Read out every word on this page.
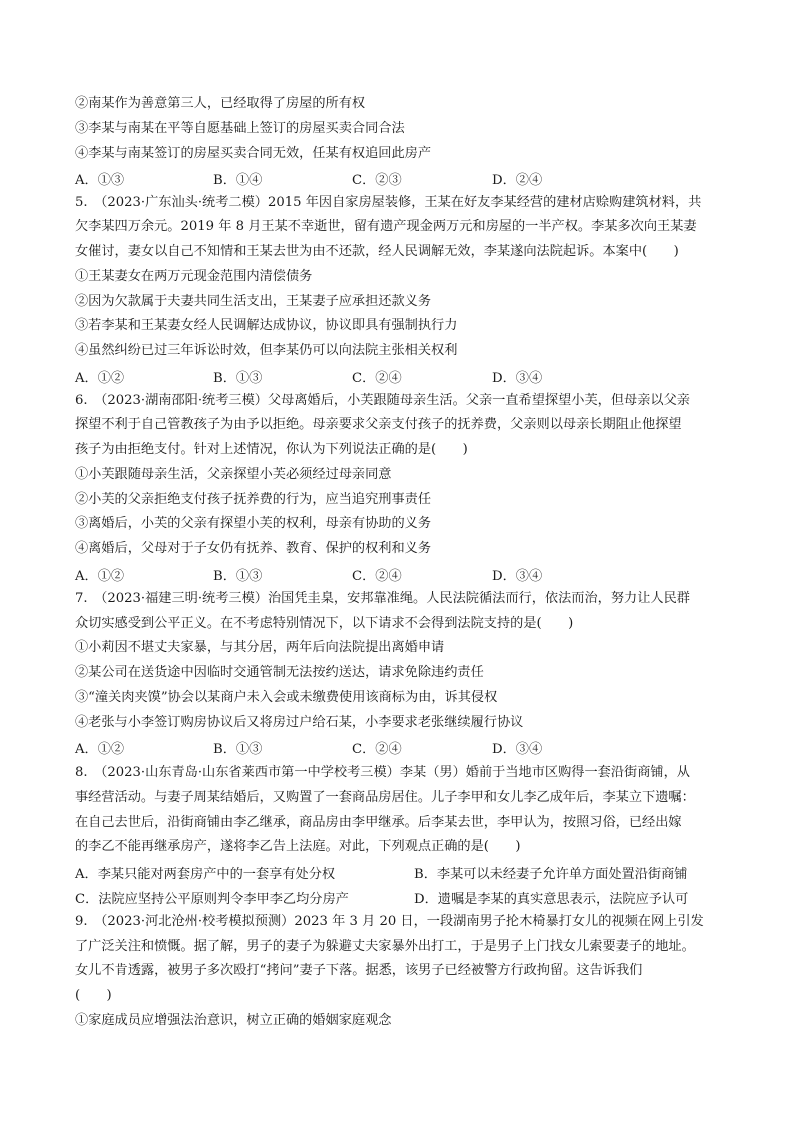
②南某作为善意第三人，已经取得了房屋的所有权
③李某与南某在平等自愿基础上签订的房屋买卖合同合法
④李某与南某签订的房屋买卖合同无效，任某有权追回此房产
A．①③	B．①④	C．②③	D．②④
5.　（2023·广东汕头·统考二模）2015 年因自家房屋装修，王某在好友李某经营的建材店赊购建筑材料，共
欠李某四万余元。2019 年 8 月王某不幸逝世，留有遗产现金两万元和房屋的一半产权。李某多次向王某妻
女催讨，妻女以自己不知情和王某去世为由不还款，经人民调解无效，李某遂向法院起诉。本案中(　　)
①王某妻女在两万元现金范围内清偿债务
②因为欠款属于夫妻共同生活支出，王某妻子应承担还款义务
③若李某和王某妻女经人民调解达成协议，协议即具有强制执行力
④虽然纠纷已过三年诉讼时效，但李某仍可以向法院主张相关权利
A．①②	B．①③	C．②④	D．③④
6.　（2023·湖南邵阳·统考三模）父母离婚后，小芙跟随母亲生活。父亲一直希望探望小芙，但母亲以父亲
探望不利于自己管教孩子为由予以拒绝。母亲要求父亲支付孩子的抚养费，父亲则以母亲长期阻止他探望
孩子为由拒绝支付。针对上述情况，你认为下列说法正确的是(　　)
①小芙跟随母亲生活，父亲探望小芙必须经过母亲同意
②小芙的父亲拒绝支付孩子抚养费的行为，应当追究刑事责任
③离婚后，小芙的父亲有探望小芙的权利，母亲有协助的义务
④离婚后，父母对于子女仍有抚养、教育、保护的权利和义务
A．①②	B．①③	C．②④	D．③④
7.　（2023·福建三明·统考三模）治国凭圭臬，安邦靠准绳。人民法院循法而行，依法而治，努力让人民群
众切实感受到公平正义。在不考虑特别情况下，以下请求不会得到法院支持的是(　　)
①小莉因不堪丈夫家暴，与其分居，两年后向法院提出离婚申请
②某公司在送货途中因临时交通管制无法按约送达，请求免除违约责任
③“潼关肉夹馍”协会以某商户未入会或未缴费使用该商标为由，诉其侵权
④老张与小李签订购房协议后又将房过户给石某，小李要求老张继续履行协议
A．①②	B．①③	C．②④	D．③④
8.　（2023·山东青岛·山东省莱西市第一中学校考三模）李某（男）婚前于当地市区购得一套沿街商铺，从
事经营活动。与妻子周某结婚后，又购置了一套商品房居住。儿子李甲和女儿李乙成年后，李某立下遗嘱：
在自己去世后，沿街商铺由李乙继承，商品房由李甲继承。后李某去世，李甲认为，按照习俗，已经出嫁
的李乙不能再继承房产，遂将李乙告上法庭。对此，下列观点正确的是(　　)
A．李某只能对两套房产中的一套享有处分权	B．李某可以未经妻子允许单方面处置沿街商铺
C．法院应坚持公平原则判令李甲李乙均分房产	D．遗嘱是李某的真实意思表示，法院应予认可
9.　（2023·河北沧州·校考模拟预测）2023 年 3 月 20 日，一段湖南男子抡木椅暴打女儿的视频在网上引发
了广泛关注和愤慨。据了解，男子的妻子为躲避丈夫家暴外出打工，于是男子上门找女儿索要妻子的地址。
女儿不肯透露，被男子多次殴打“拷问”妻子下落。据悉，该男子已经被警方行政拘留。这告诉我们
(　　)
①家庭成员应增强法治意识，树立正确的婚姻家庭观念
